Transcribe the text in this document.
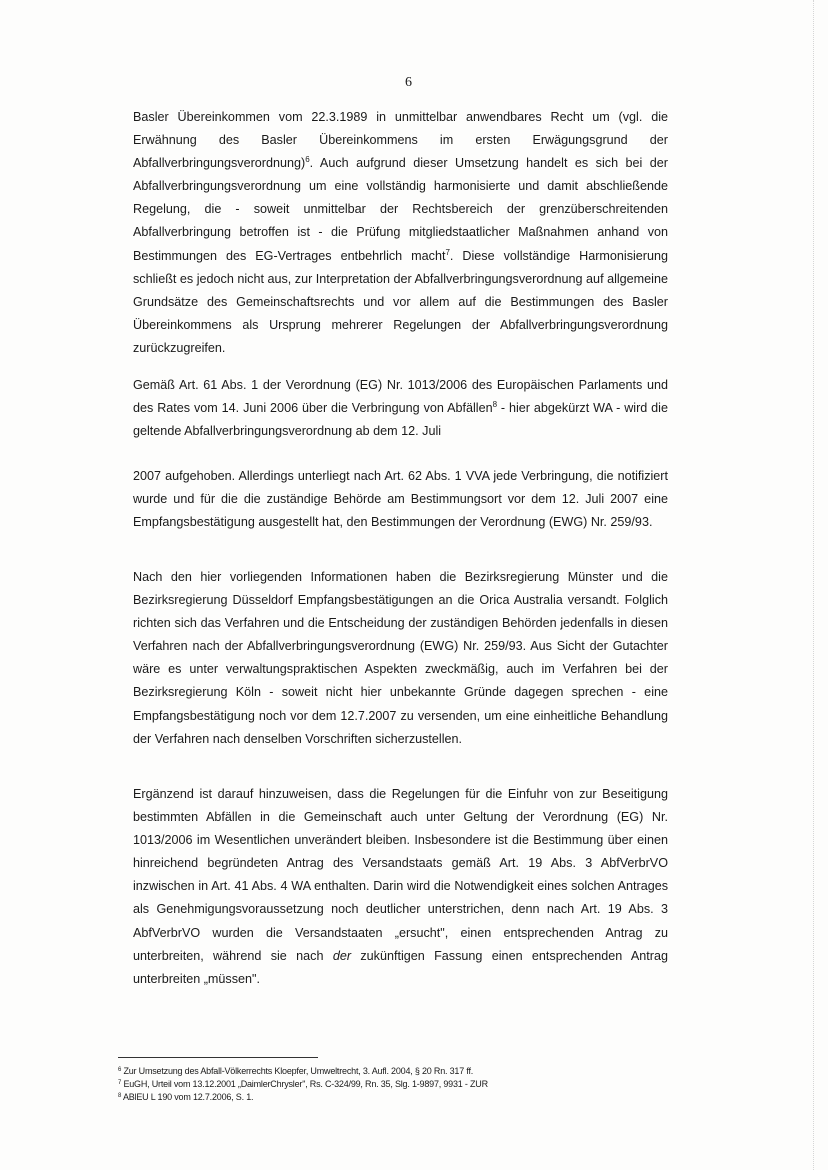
6

Basler Übereinkommen vom 22.3.1989 in unmittelbar anwendbares Recht um (vgl. die Erwähnung des Basler Übereinkommens im ersten Erwägungsgrund der Abfallverbringungsverordnung)$^6$. Auch aufgrund dieser Umsetzung handelt es sich bei der Abfallverbringungsverordnung um eine vollständig harmonisierte und damit abschließende Regelung, die - soweit unmittelbar der Rechtsbereich der grenzüberschreitenden Abfallverbringung betroffen ist - die Prüfung mitgliedstaatlicher Maßnahmen anhand von Bestimmungen des EG-Vertrages entbehrlich macht$^7$. Diese vollständige Harmonisierung schließt es jedoch nicht aus, zur Interpretation der Abfallverbringungsverordnung auf allgemeine Grundsätze des Gemeinschaftsrechts und vor allem auf die Bestimmungen des Basler Übereinkommens als Ursprung mehrerer Regelungen der Abfallverbringungsverordnung zurückzugreifen.

Gemäß Art. 61 Abs. 1 der Verordnung (EG) Nr. 1013/2006 des Europäischen Parlaments und des Rates vom 14. Juni 2006 über die Verbringung von Abfällen$^8$ - hier abgekürzt WA - wird die geltende Abfallverbringungsverordnung ab dem 12. Juli

2007 aufgehoben. Allerdings unterliegt nach Art. 62 Abs. 1 VVA jede Verbringung, die notifiziert wurde und für die die zuständige Behörde am Bestimmungsort vor dem 12. Juli 2007 eine Empfangsbestätigung ausgestellt hat, den Bestimmungen der Verordnung (EWG) Nr. 259/93.

Nach den hier vorliegenden Informationen haben die Bezirksregierung Münster und die Bezirksregierung Düsseldorf Empfangsbestätigungen an die Orica Australia versandt. Folglich richten sich das Verfahren und die Entscheidung der zuständigen Behörden jedenfalls in diesen Verfahren nach der Abfallverbringungsverordnung (EWG) Nr. 259/93. Aus Sicht der Gutachter wäre es unter verwaltungspraktischen Aspekten zweckmäßig, auch im Verfahren bei der Bezirksregierung Köln - soweit nicht hier unbekannte Gründe dagegen sprechen - eine Empfangsbestätigung noch vor dem 12.7.2007 zu versenden, um eine einheitliche Behandlung der Verfahren nach denselben Vorschriften sicherzustellen.

Ergänzend ist darauf hinzuweisen, dass die Regelungen für die Einfuhr von zur Beseitigung bestimmten Abfällen in die Gemeinschaft auch unter Geltung der Verordnung (EG) Nr. 1013/2006 im Wesentlichen unverändert bleiben. Insbesondere ist die Bestimmung über einen hinreichend begründeten Antrag des Versandstaats gemäß Art. 19 Abs. 3 AbfVerbrVO inzwischen in Art. 41 Abs. 4 WA enthalten. Darin wird die Notwendigkeit eines solchen Antrages als Genehmigungsvoraussetzung noch deutlicher unterstrichen, denn nach Art. 19 Abs. 3 AbfVerbrVO wurden die Versandstaaten „ersucht", einen entsprechenden Antrag zu unterbreiten, während sie nach der zukünftigen Fassung einen entsprechenden Antrag unterbreiten „müssen".

$^6$ Zur Umsetzung des Abfall-Völkerrechts Kloepfer, Umweltrecht, 3. Aufl. 2004, § 20 Rn. 317 ff.
$^7$ EuGH, Urteil vom 13.12.2001 „DaimlerChrysler", Rs. C-324/99, Rn. 35, Slg. 1-9897, 9931 - ZUR
$^8$ ABlEU L 190 vom 12.7.2006, S. 1.
